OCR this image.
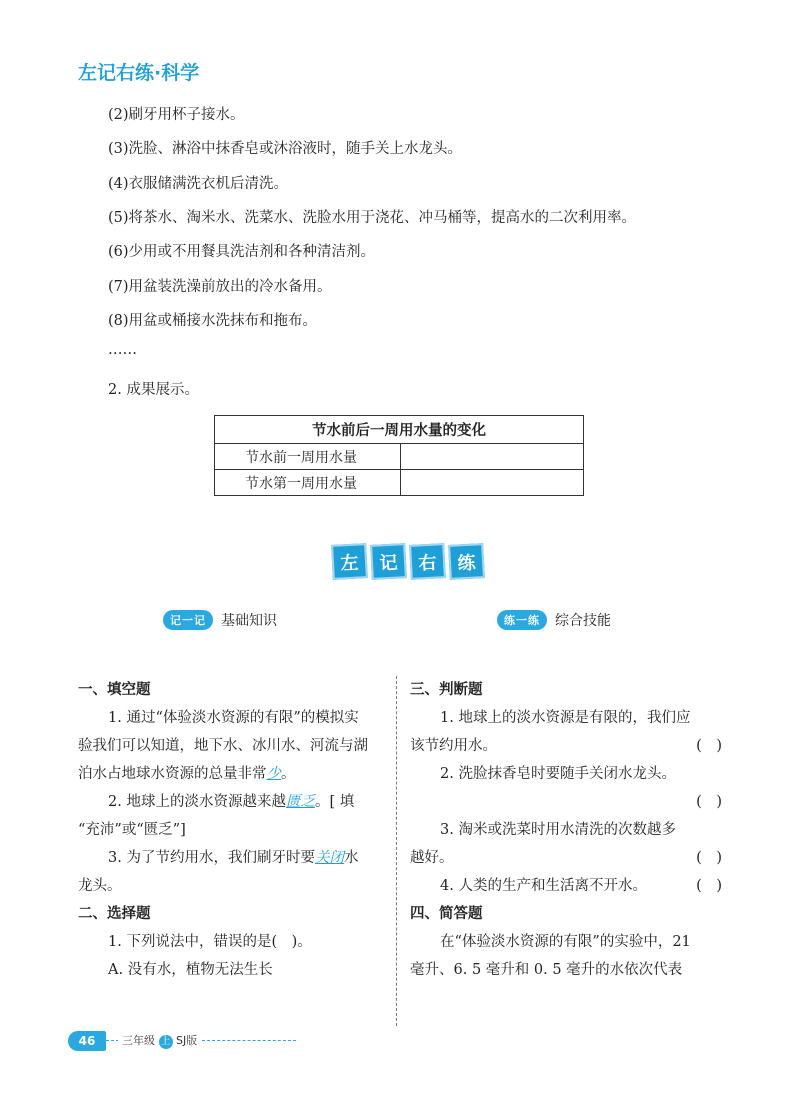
左记右练·科学
(2)刷牙用杯子接水。
(3)洗脸、淋浴中抹香皂或沐浴液时，随手关上水龙头。
(4)衣服储满洗衣机后清洗。
(5)将茶水、淘米水、洗菜水、洗脸水用于浇花、冲马桶等，提高水的二次利用率。
(6)少用或不用餐具洗洁剂和各种清洁剂。
(7)用盆装洗澡前放出的冷水备用。
(8)用盆或桶接水洗抹布和拖布。
……
2. 成果展示。
节水前后一周用水量的变化	
节水前一周用水量	
节水第一周用水量	
左	记	右	练
记一记	基础知识	练一练	综合技能
一、填空题
1. 通过“体验淡水资源的有限”的模拟实
验我们可以知道，地下水、冰川水、河流与湖
泊水占地球水资源的总量非常少。
2. 地球上的淡水资源越来越匮乏。[ 填
“充沛”或“匮乏”]
3. 为了节约用水，我们刷牙时要关闭水
龙头。
二、选择题
1. 下列说法中，错误的是(　)。
A. 没有水，植物无法生长
三、判断题
1. 地球上的淡水资源是有限的，我们应
该节约用水。	(　)
2. 洗脸抹香皂时要随手关闭水龙头。
(　)

3. 淘米或洗菜时用水清洗的次数越多
越好。	(　)
4. 人类的生产和生活离不开水。	(　)
四、简答题
在“体验淡水资源的有限”的实验中，21
毫升、6. 5 毫升和 0. 5 毫升的水依次代表
46	三年级 上 SJ版
